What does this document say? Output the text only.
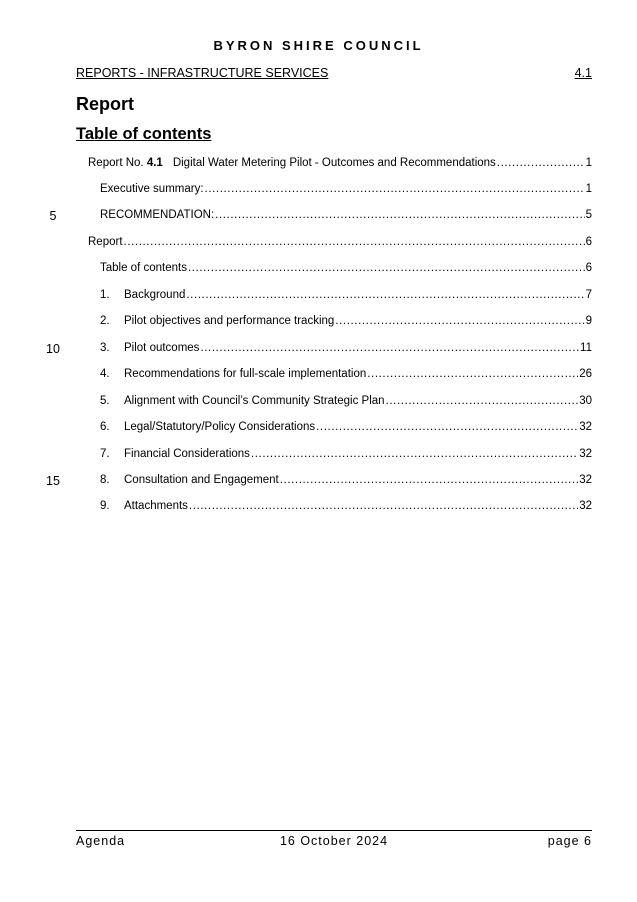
BYRON SHIRE COUNCIL
REPORTS - INFRASTRUCTURE SERVICES	4.1
Report
Table of contents
Report No. 4.1 Digital Water Metering Pilot - Outcomes and Recommendations .....	1
Executive summary: .....	1
5	RECOMMENDATION: .....	5
Report .....	6
Table of contents .....	6
1.	Background .....	7
2.	Pilot objectives and performance tracking .....	9
10	3.	Pilot outcomes .....	11
4.	Recommendations for full-scale implementation .....	26
5.	Alignment with Council’s Community Strategic Plan .....	30
6.	Legal/Statutory/Policy Considerations .....	32
7.	Financial Considerations .....	32
15	8.	Consultation and Engagement .....	32
9.	Attachments .....	32
Agenda	16 October 2024	page 6
